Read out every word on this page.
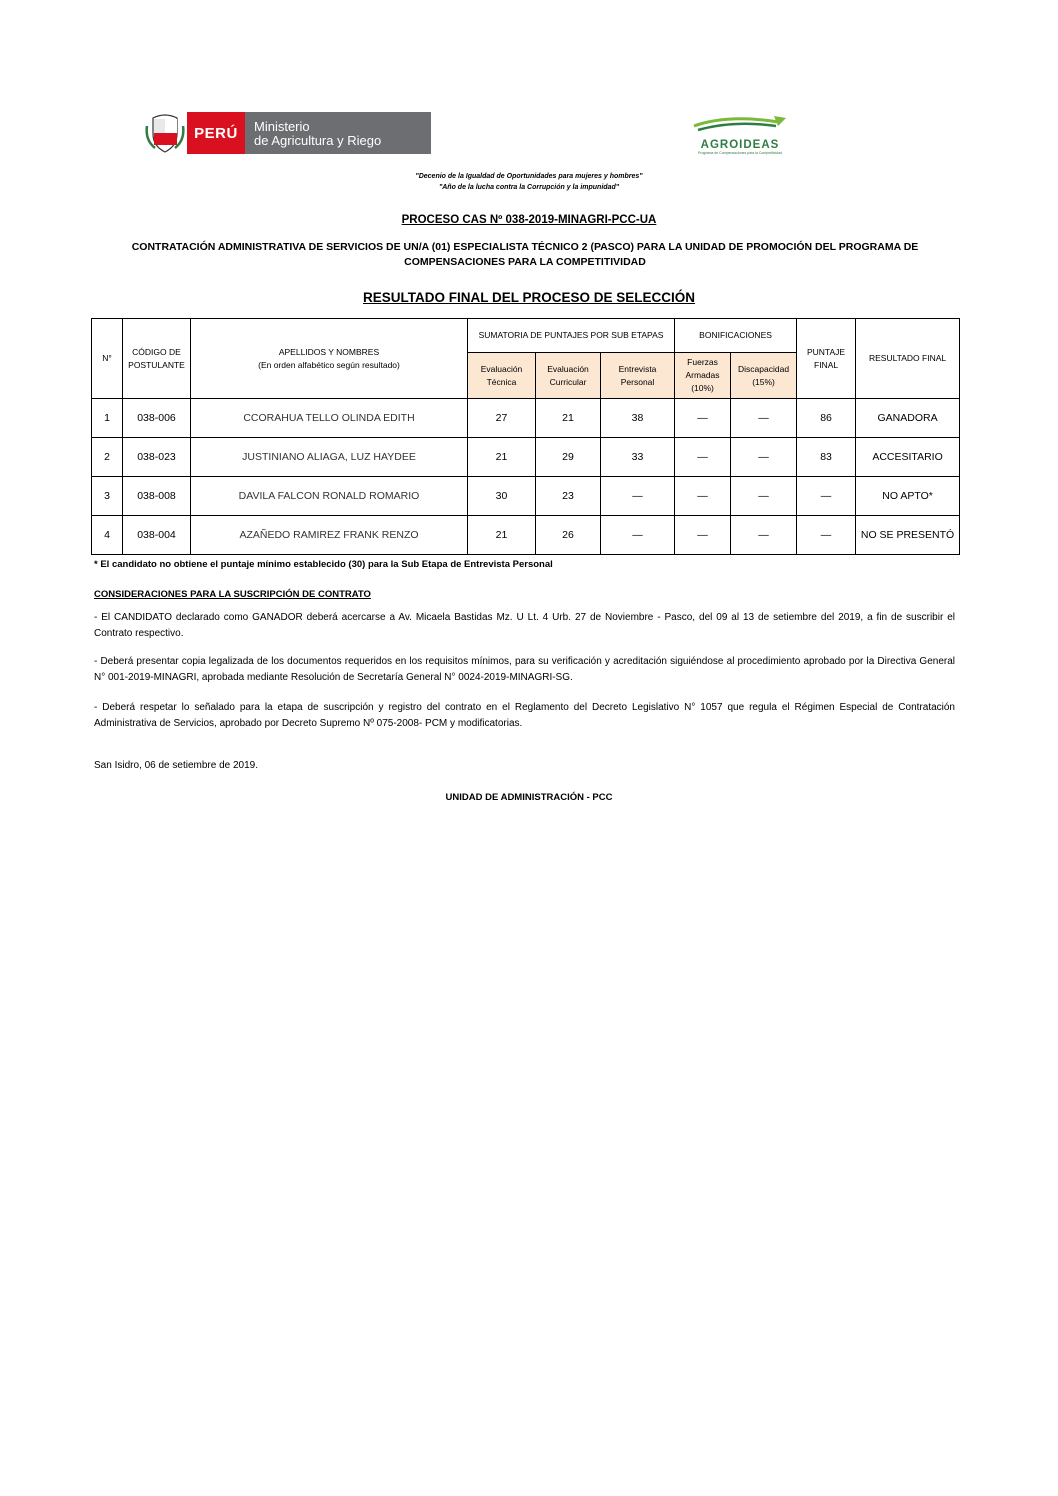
PERÚ	Ministerio
de Agricultura y Riego	AGROIDEAS
Programa de Compensaciones para la Competitividad
"Decenio de la Igualdad de Oportunidades para mujeres y hombres"
"Año de la lucha contra la Corrupción y la impunidad"
PROCESO CAS Nº 038-2019-MINAGRI-PCC-UA
CONTRATACIÓN ADMINISTRATIVA DE SERVICIOS DE UN/A (01) ESPECIALISTA TÉCNICO 2 (PASCO) PARA LA UNIDAD DE PROMOCIÓN DEL PROGRAMA DE COMPENSACIONES PARA LA COMPETITIVIDAD
RESULTADO FINAL DEL PROCESO DE SELECCIÓN
N°	CÓDIGO DE POSTULANTE	APELLIDOS Y NOMBRES
(En orden alfabético según resultado)	SUMATORIA DE PUNTAJES POR SUB ETAPAS			BONIFICACIONES		PUNTAJE FINAL	RESULTADO FINAL
			Evaluación Técnica	Evaluación Curricular	Entrevista Personal	Fuerzas Armadas (10%)	Discapacidad (15%)		
1	038-006	CCORAHUA TELLO OLINDA EDITH	27	21	38	—	—	86	GANADORA
2	038-023	JUSTINIANO ALIAGA, LUZ HAYDEE	21	29	33	—	—	83	ACCESITARIO
3	038-008	DAVILA FALCON RONALD ROMARIO	30	23	—	—	—	—	NO APTO*
4	038-004	AZAÑEDO RAMIREZ FRANK RENZO	21	26	—	—	—	—	NO SE PRESENTÓ
* El candidato no obtiene el puntaje mínimo establecido (30) para la Sub Etapa de Entrevista Personal
CONSIDERACIONES PARA LA SUSCRIPCIÓN DE CONTRATO
- El CANDIDATO declarado como GANADOR deberá acercarse a Av. Micaela Bastidas Mz. U Lt. 4 Urb. 27 de Noviembre - Pasco, del 09 al 13 de setiembre del 2019, a fin de suscribir el Contrato respectivo.
- Deberá presentar copia legalizada de los documentos requeridos en los requisitos mínimos, para su verificación y acreditación siguiéndose al procedimiento aprobado por la Directiva General N° 001-2019-MINAGRI, aprobada mediante Resolución de Secretaría General N° 0024-2019-MINAGRI-SG.
- Deberá respetar lo señalado para la etapa de suscripción y registro del contrato en el Reglamento del Decreto Legislativo N° 1057 que regula el Régimen Especial de Contratación Administrativa de Servicios, aprobado por Decreto Supremo Nº 075-2008- PCM y modificatorias.
San Isidro, 06 de setiembre de 2019.
UNIDAD DE ADMINISTRACIÓN - PCC
